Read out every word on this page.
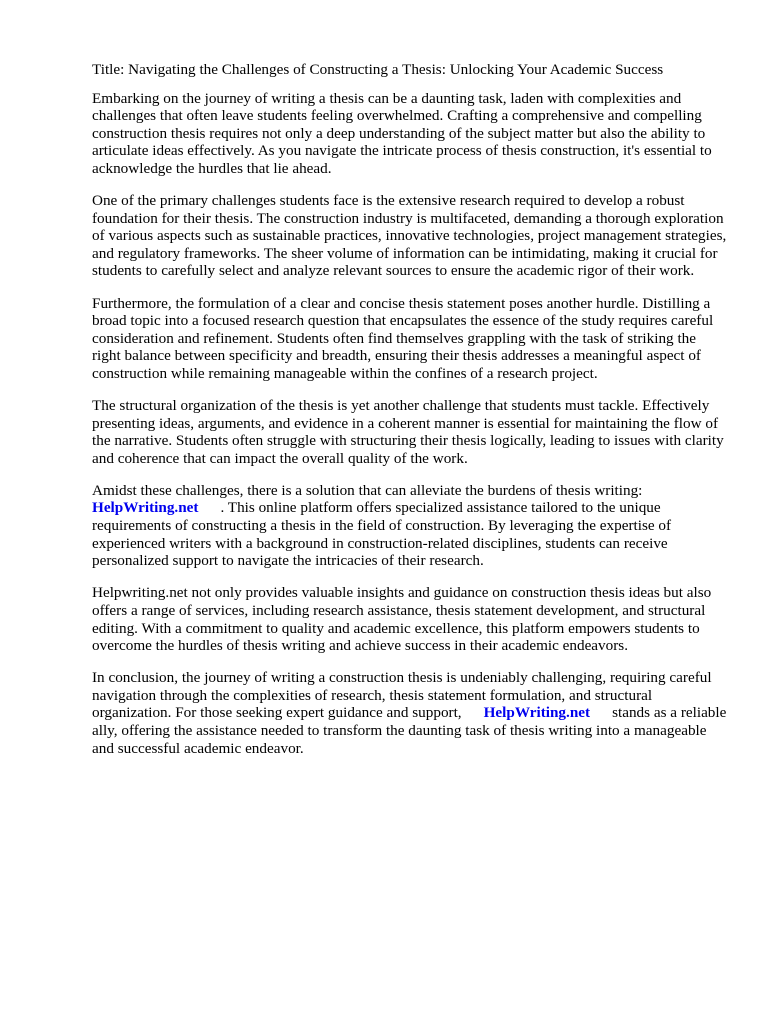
Title: Navigating the Challenges of Constructing a Thesis: Unlocking Your Academic Success

Embarking on the journey of writing a thesis can be a daunting task, laden with complexities and challenges that often leave students feeling overwhelmed. Crafting a comprehensive and compelling construction thesis requires not only a deep understanding of the subject matter but also the ability to articulate ideas effectively. As you navigate the intricate process of thesis construction, it's essential to acknowledge the hurdles that lie ahead.

One of the primary challenges students face is the extensive research required to develop a robust foundation for their thesis. The construction industry is multifaceted, demanding a thorough exploration of various aspects such as sustainable practices, innovative technologies, project management strategies, and regulatory frameworks. The sheer volume of information can be intimidating, making it crucial for students to carefully select and analyze relevant sources to ensure the academic rigor of their work.

Furthermore, the formulation of a clear and concise thesis statement poses another hurdle. Distilling a broad topic into a focused research question that encapsulates the essence of the study requires careful consideration and refinement. Students often find themselves grappling with the task of striking the right balance between specificity and breadth, ensuring their thesis addresses a meaningful aspect of construction while remaining manageable within the confines of a research project.

The structural organization of the thesis is yet another challenge that students must tackle. Effectively presenting ideas, arguments, and evidence in a coherent manner is essential for maintaining the flow of the narrative. Students often struggle with structuring their thesis logically, leading to issues with clarity and coherence that can impact the overall quality of the work.

Amidst these challenges, there is a solution that can alleviate the burdens of thesis writing:
HelpWriting.net . This online platform offers specialized assistance tailored to the unique requirements of constructing a thesis in the field of construction. By leveraging the expertise of experienced writers with a background in construction-related disciplines, students can receive personalized support to navigate the intricacies of their research.

Helpwriting.net not only provides valuable insights and guidance on construction thesis ideas but also offers a range of services, including research assistance, thesis statement development, and structural editing. With a commitment to quality and academic excellence, this platform empowers students to overcome the hurdles of thesis writing and achieve success in their academic endeavors.

In conclusion, the journey of writing a construction thesis is undeniably challenging, requiring careful navigation through the complexities of research, thesis statement formulation, and structural organization. For those seeking expert guidance and support, HelpWriting.net stands as a reliable ally, offering the assistance needed to transform the daunting task of thesis writing into a manageable and successful academic endeavor.
